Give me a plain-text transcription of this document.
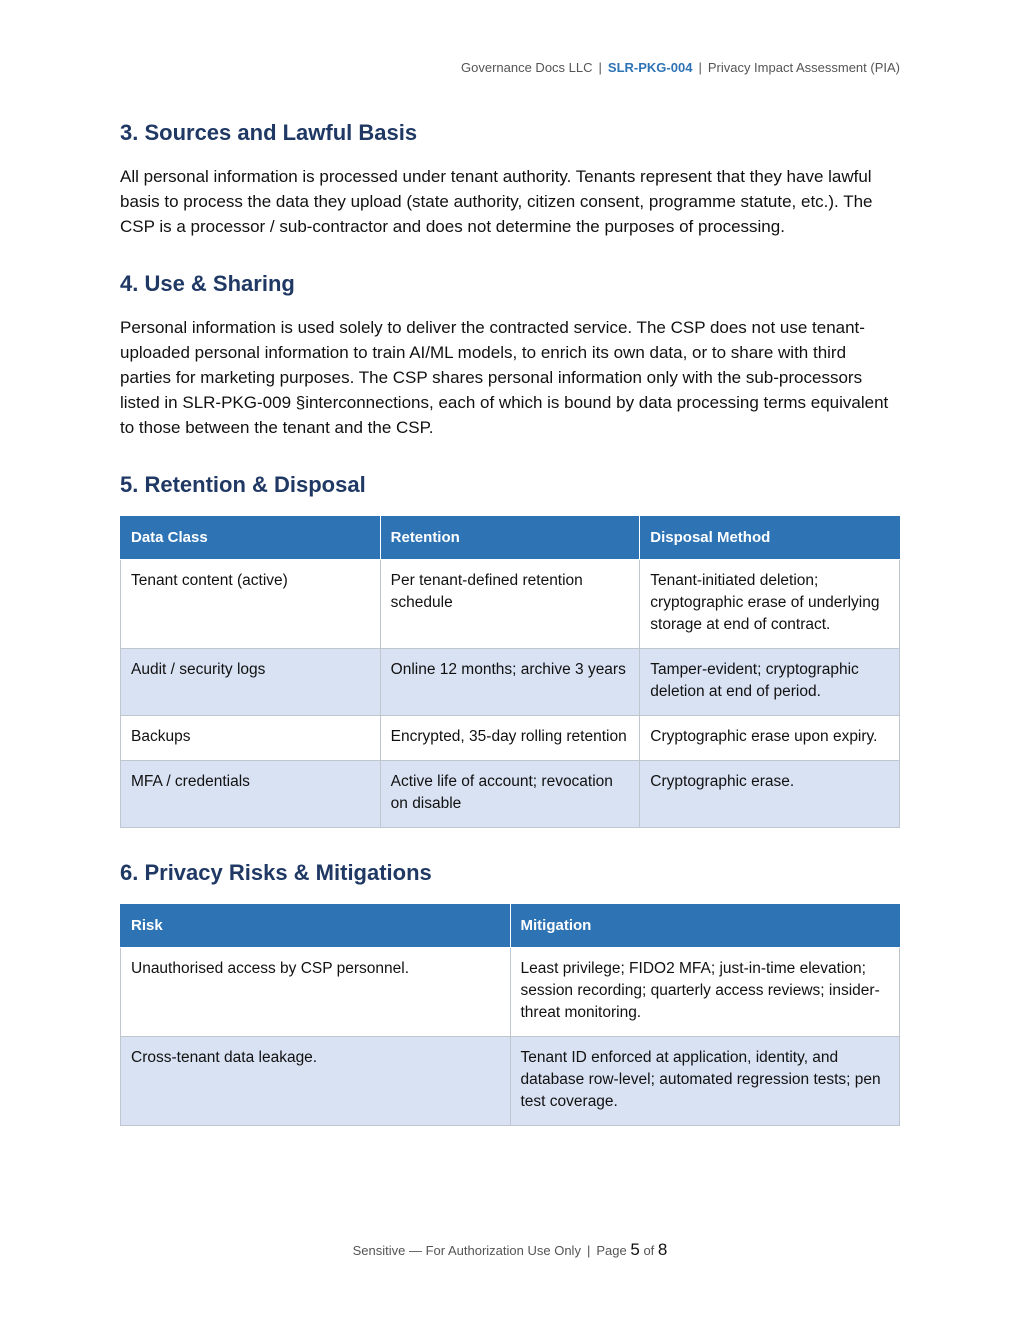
Governance Docs LLC | SLR-PKG-004 | Privacy Impact Assessment (PIA)
3. Sources and Lawful Basis

All personal information is processed under tenant authority. Tenants represent that they have lawful basis to process the data they upload (state authority, citizen consent, programme statute, etc.). The CSP is a processor / sub-contractor and does not determine the purposes of processing.

4. Use & Sharing

Personal information is used solely to deliver the contracted service. The CSP does not use tenant-uploaded personal information to train AI/ML models, to enrich its own data, or to share with third parties for marketing purposes. The CSP shares personal information only with the sub-processors listed in SLR-PKG-009 §interconnections, each of which is bound by data processing terms equivalent to those between the tenant and the CSP.

5. Retention & Disposal
Data Class	Retention	Disposal Method
Tenant content (active)	Per tenant-defined retention schedule	Tenant-initiated deletion; cryptographic erase of underlying storage at end of contract.
Audit / security logs	Online 12 months; archive 3 years	Tamper-evident; cryptographic deletion at end of period.
Backups	Encrypted, 35-day rolling retention	Cryptographic erase upon expiry.
MFA / credentials	Active life of account; revocation on disable	Cryptographic erase.
6. Privacy Risks & Mitigations
Risk	Mitigation
Unauthorised access by CSP personnel.	Least privilege; FIDO2 MFA; just-in-time elevation; session recording; quarterly access reviews; insider-threat monitoring.
Cross-tenant data leakage.	Tenant ID enforced at application, identity, and database row-level; automated regression tests; pen test coverage.
Sensitive — For Authorization Use Only | Page 5 of 8
